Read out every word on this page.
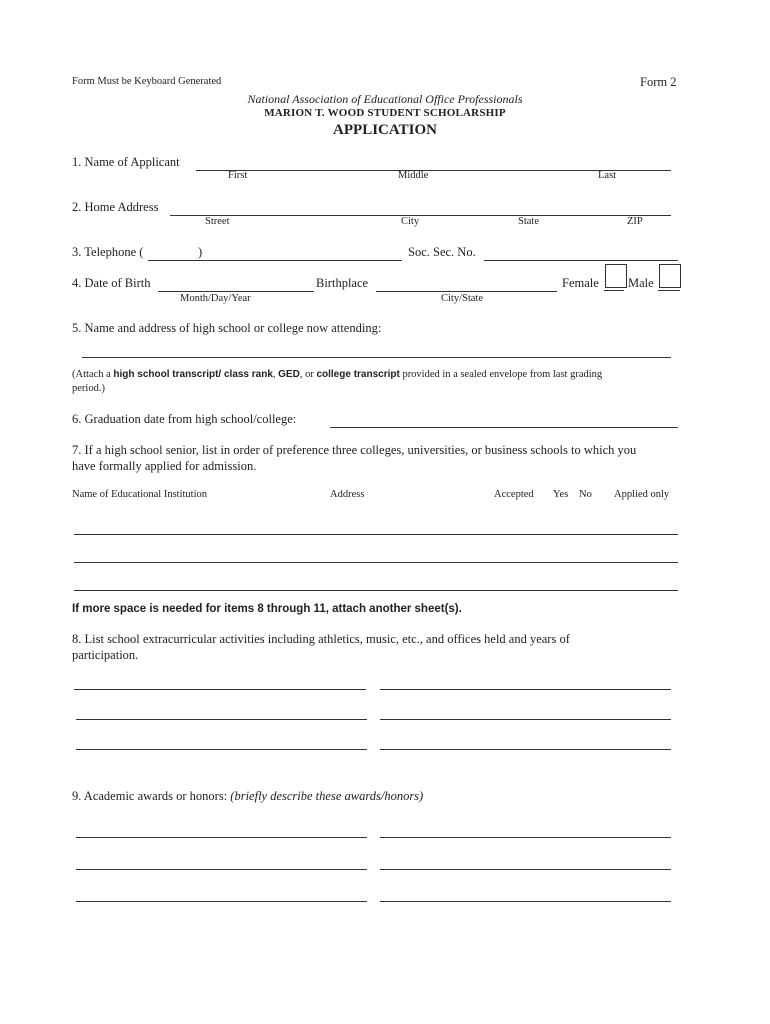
Form Must be Keyboard Generated	Form 2
National Association of Educational Office Professionals
MARION T. WOOD STUDENT SCHOLARSHIP
APPLICATION
1. Name of Applicant
First	Middle	Last
2. Home Address
Street	City	State	ZIP
3. Telephone (	)	Soc. Sec. No.
4. Date of Birth
Month/Day/Year
Birthplace
City/State
Female Male
5. Name and address of high school or college now attending:
(Attach a high school transcript/ class rank, GED, or college transcript provided in a sealed envelope from last grading
period.)
6. Graduation date from high school/college:
7. If a high school senior, list in order of preference three colleges, universities, or business schools to which you
have formally applied for admission.
Name of Educational Institution	Address	Accepted Yes No Applied only
If more space is needed for items 8 through 11, attach another sheet(s).
8. List school extracurricular activities including athletics, music, etc., and offices held and years of
participation.
9. Academic awards or honors: (briefly describe these awards/honors)
